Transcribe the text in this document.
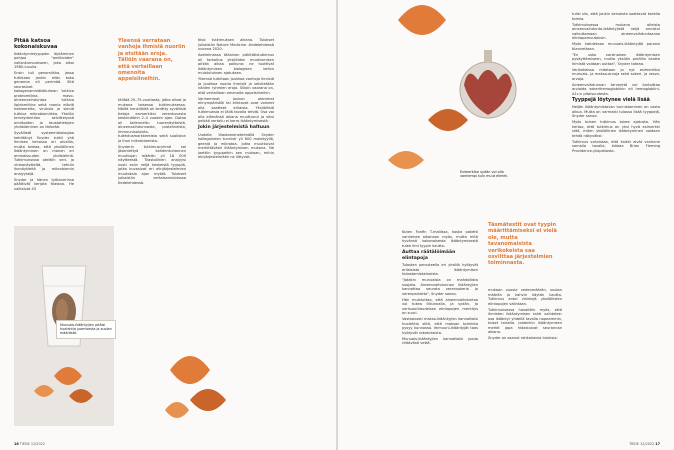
Pitää katsoa kokonaiskuvaa

Ikääntymistyyppien löytäminen pohjaa "omiikoiden" vallankumoukseen, joka alkoi 1980-luvulla.

Ensin tuli genomiikka, jossa tutkitaan jonkin eliön koko genomia eli perimää. Sitä seurasivat kokogenominäkökulman tutkiva proteomiikka, mavo-aineenvaihduntaa tutkiva lipidomiikka sekä monia eläviä hakteereita, viruksia ja sieniä tutkiva mikrobiomiikka. Yksilön terveydentilan selvittelyssä omiikoiden ja taustatietojen yhdistäminen on tärkeää.

Syvällistä systeemibiologiaa kehittänyt Snyder tutkii yhä ihmisen kehossa eri alueilla, mutta toteaa, että yksilöllinen ikääntyminen on monen eri ominaisuuden yhdistelmä. Tutkimuksissa otettiin veri- ja virtsanäytteitä, tehtiin ihonäytteitä ja mikrobiomin analyysejä.

Snyder ja hänen työtoverinsa päättivät kerjata tilastoa. He valitsivat 43

Yleensä verrataan vanhoja ihmisiä nuoriin ja etsitään eroja. Tällöin vaarana on, että vertaillaan omenoita appelsiineihin.

tällätä 29–75-vuotiasta, jotka olivat jo mukana toisessa tutkimuksessa. Näiltä henkilöiltä oli kerätty syvällisiä tietoja esimerkiksi verenkuvasta keskimäärin 2–4 vuoden ajan. Dataa oli tallennettu tuorenäytteistä, aineenvaihdunnasta, proteiineista, immuunisoluista, tulehdusmarkkereista sekä suoliston ja ihon mikrobiomista.

Snyderin tutkimusryhmä sai jäsentettyä kahdentuhannen muuttujan määrän yli 18 000 näytteestä. Tilastollinen analyysi nosti esiin neljä keskeistä tyyppiä, jotka kuvasivat eri elinjärjestelmien muutoksia ajan myötä. Tulokset julkaistiin vertaisarvioidussa tiedelehdessä.

tikoi tutkimuksen alkana. Tulokset julkaistiin Nature Medicine -tiedelehdessä vuonna 2020.

Asetelmassa tällainen pitkittäistutkimus oli tarkoitus yksilöiden muuttumisen pitkän aikaa polkuna: ne tuottivat ikääntymisen biologisen kellon muistutuksen ajatuksen.

Yleensä tutkitaan joukkoa vanhoja ihmisiä ja joukkoa nuoria ihmisiä ja selvitetään näiden ryhmien eroja. Silloin vaarana on, että vertaillaan omenoita appelsiineihin.

Vanhemmat joukon aiemmat elinympäristöt tai elintavat ovat voineet olla saatteet erilaisia. Yksilöllisiä tutkimuksia ei tällä tavalla tehdä. Osa voi olla elämänsä aikana muuttunut ja siksi pelkkä vertailu ei kerro ikääntymisestä.

Jokin järjestelmistä haltuun

Uudella tilastomenetelmällä Snyder kollegoineen tunnisti yli 600 molekyyliä, geeniä ja mikrobia, jotka muuttuivat merkittävästi ikääntymisen mukana. Ne jaettiin tyyppeihin sen mukaan, mihin elinjärjestelmään ne liittyvät.

Munuais-ikääntyjien pitäisi huolehtia juomisesta ja suolan määrästä.
16 TIEDE 12/2022
Esimerkiksi sydän voi olla vanhempi kuin muut elimet.
Täsmätestit ovat tyypin määrittämiseksi ei vielä ole, mutta tavanomaisista verikokeista saa osviittaa järjestelmien toiminnasta.

Kuten Fonfin T-mallissa, koska paketti vanhenee aikanaan myös, mutta mitä hyvänsä kokonaisesta ikääntymisestä tulee ilmi tyypin kautta.

Auttaa räätälöimään elintapoja

Tulosten perusteella eri yksilöt hyötyvät erilaisista ikääntymisen hidastamiskeinoista.

"Jotakin munuaisia on mahdollista suojata. Aineenvaihdunnan ikääntyjien kannattaa seurata verensokeria ja verenpainetta", Snyder sanoo.

Hän muistuttaa, että aineenvaihduntaa voi tukea liikunnalla, ja sydän- ja verisuonitaudeissa elintapojen merkitys on suuri.

Vastaavasti maksa-ikääntyjien kannattaisi huolehtia siitä, että maksan toiminta pysyy kunnossa. Immuuni-ikääntyjät taas hyötyvät rokotuksista.

Munuais-ikääntyjien kannattaisi juoda riittävästi vettä.

mukaan vuosia vedenmäärän, suolan määrän ja kahvin käytön kautta. Tutkimus antoi vinkkejä yksilöllisten elintapojen valintaan.

Tutkimuksessa havaittiin myös, että ihmisten ikääntymisen tahti vaihtelee: osa ikääntyi yhdellä tavalla nopeammin, toiset toisella. Joidenkin ikääntymisen merkit jopa hidastuivat seurannan aikana.

Snyder on saanut rohkaisevia tuloksia:

tulisi siis, että jonkin keinoista saattavat todella toimia.

Tutkimuksessa mukana olleista aineenvaihdunta-ikääntyjistä neljä onnistui vaikuttamaan aineenvaihduntaansa elintapamuutoksin.

Myös kahdeksan munuais-ikääntyjää paransi tilannettaan.

"En usko varsinaisen ikääntymisen pysäyttämiseen, mutta yksilön profiilin kautta ihmistä voidaan auttaa", Snyder toteaa.

Verikokeissa mitataan jo nyt esimerkiksi munuais- ja maksa-arvoja sekä sokeri- ja rasva-arvoja.

Aineenvaihdunnan tarveyttä voi kartoittaa arvioida sokerihemoglobiinin eli hemoglobiini-A1c:n pitoisuudesta.

Tyyppejä löytynee vielä lisää

Neljän ikääntymistavan tunnistaminen on vasta alkua. Mutta on varmasti tulossa lisää tyyppejä, Snyder sanoo.

Myös toinen tutkimus tukee ajatusta. Hän kertoo, että tutkimus on yksi hyvä esimerkki siitä, miten yksilöllinen ikääntyminen voidaan tehdä näkyväksi:

Tutkimus vahvistaa, että kaikki eivät vanhene samalla tavalla, toteaa Brian Fleming Providence-yliopistosta.

TIEDE 12/2022 17
